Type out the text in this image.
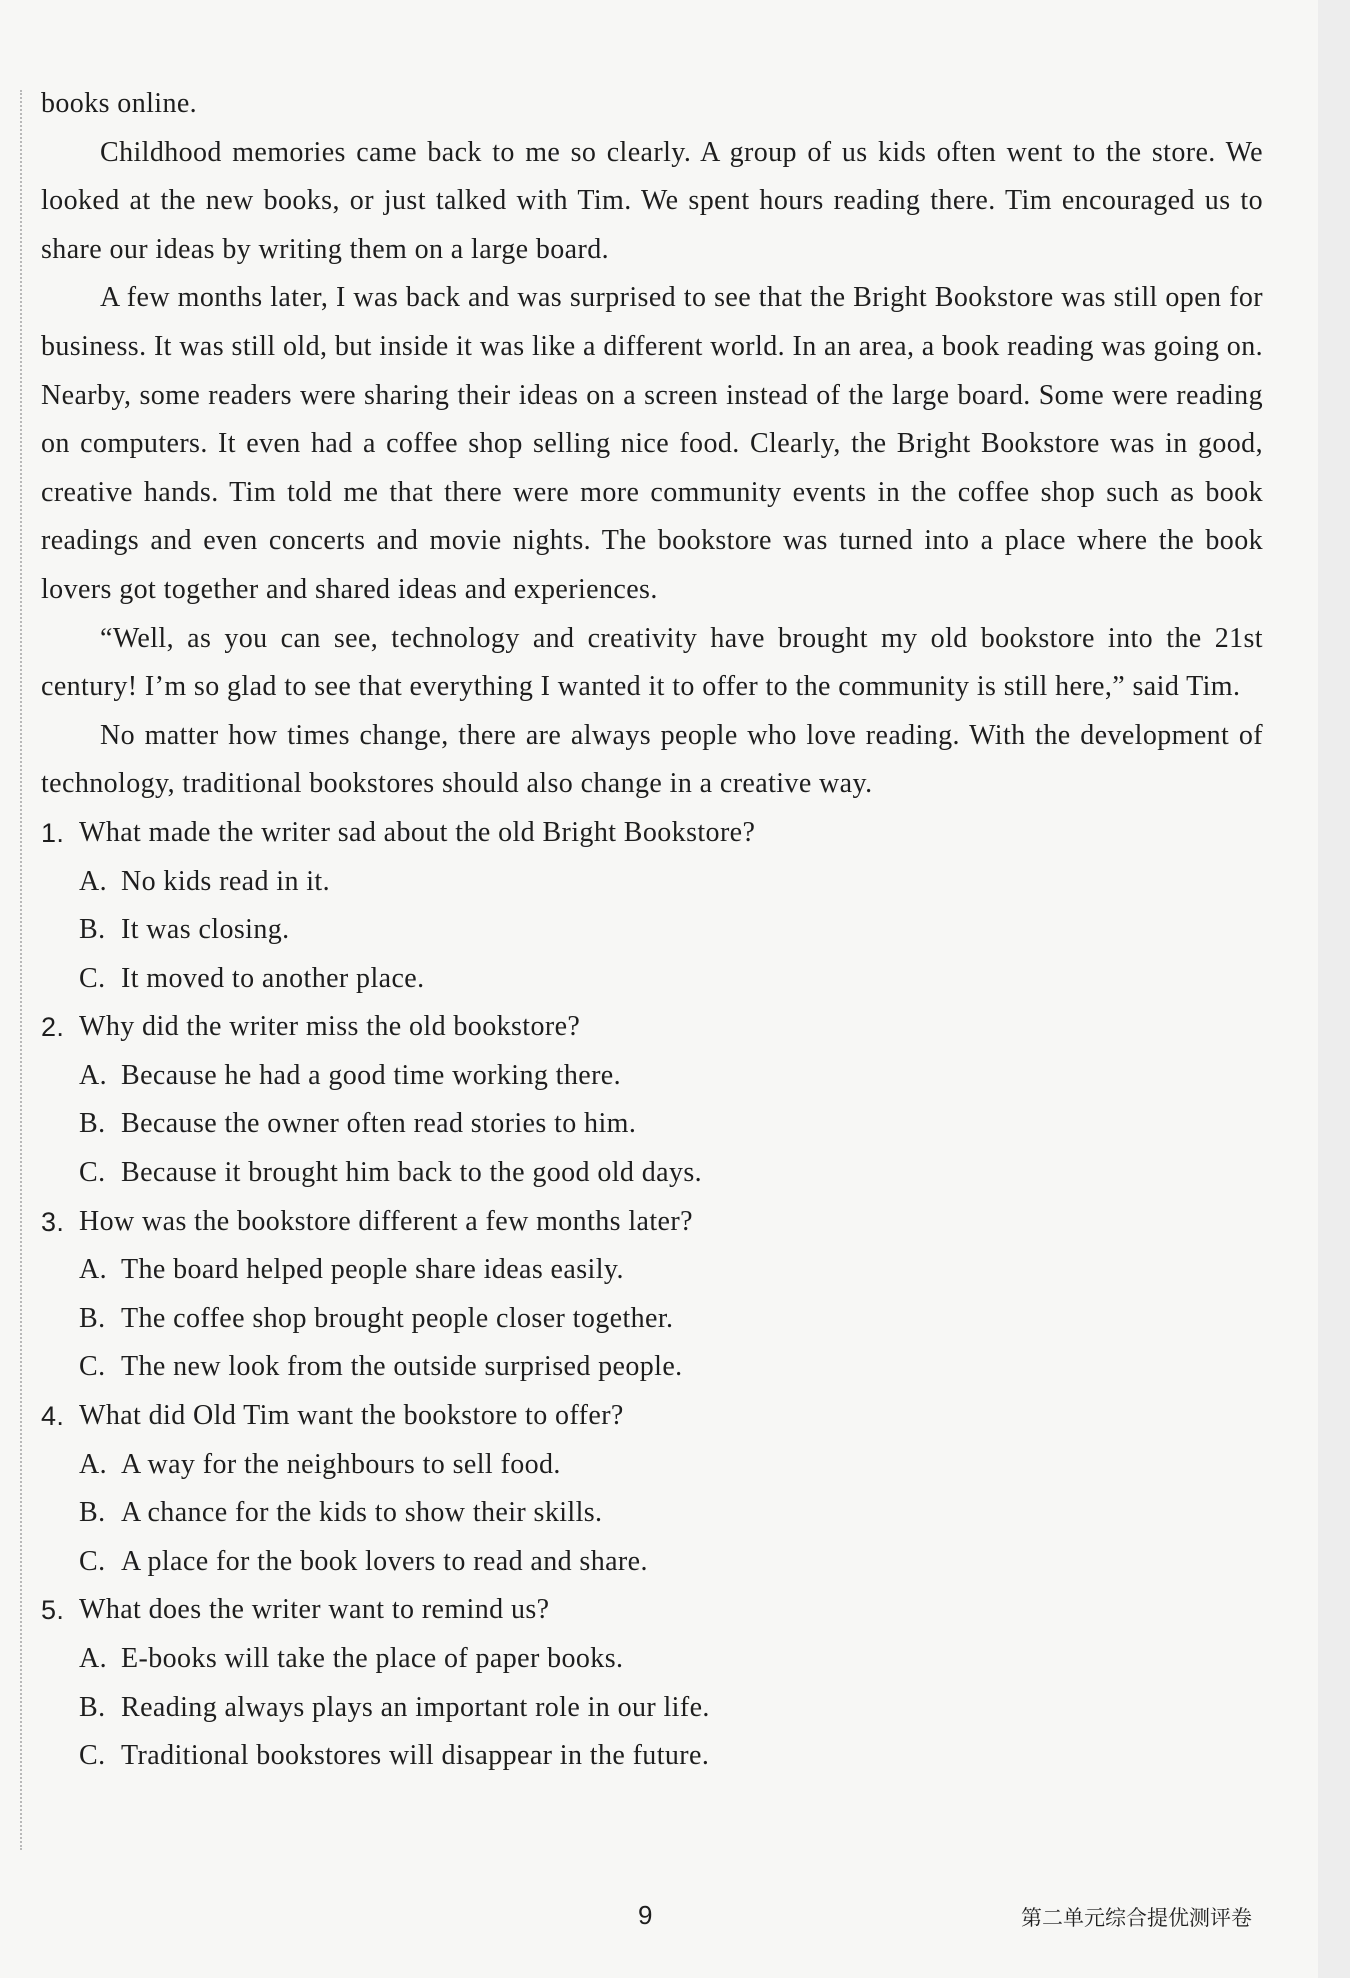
books online.

Childhood memories came back to me so clearly. A group of us kids often went to the store. We looked at the new books, or just talked with Tim. We spent hours reading there. Tim encouraged us to share our ideas by writing them on a large board.

A few months later, I was back and was surprised to see that the Bright Bookstore was still open for business. It was still old, but inside it was like a different world. In an area, a book reading was going on. Nearby, some readers were sharing their ideas on a screen instead of the large board. Some were reading on computers. It even had a coffee shop selling nice food. Clearly, the Bright Bookstore was in good, creative hands. Tim told me that there were more community events in the coffee shop such as book readings and even concerts and movie nights. The bookstore was turned into a place where the book lovers got together and shared ideas and experiences.

“Well, as you can see, technology and creativity have brought my old bookstore into the 21st century! I’m so glad to see that everything I wanted it to offer to the community is still here,” said Tim.

No matter how times change, there are always people who love reading. With the development of technology, traditional bookstores should also change in a creative way.

1. What made the writer sad about the old Bright Bookstore?

A. No kids read in it.

B. It was closing.

C. It moved to another place.

2. Why did the writer miss the old bookstore?

A. Because he had a good time working there.

B. Because the owner often read stories to him.

C. Because it brought him back to the good old days.

3. How was the bookstore different a few months later?

A. The board helped people share ideas easily.

B. The coffee shop brought people closer together.

C. The new look from the outside surprised people.

4. What did Old Tim want the bookstore to offer?

A. A way for the neighbours to sell food.

B. A chance for the kids to show their skills.

C. A place for the book lovers to read and share.

5. What does the writer want to remind us?

A. E-books will take the place of paper books.

B. Reading always plays an important role in our life.

C. Traditional bookstores will disappear in the future.

9	第二单元综合提优测评卷
